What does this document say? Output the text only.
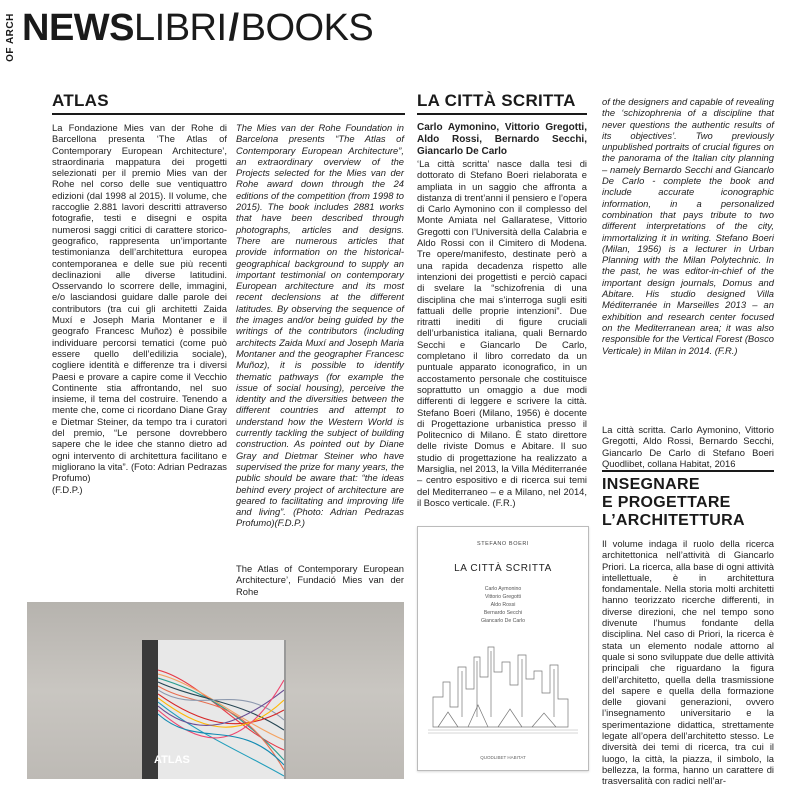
OF ARCH NEWSLIBRI/BOOKS
ATLAS

La Fondazione Mies van der Rohe di Barcellona presenta ‘The Atlas of Contemporary European Architecture’, straordinaria mappatura dei progetti selezionati per il premio Mies van der Rohe nel corso delle sue ventiquattro edizioni (dal 1998 al 2015). Il volume, che raccoglie 2.881 lavori descritti attraverso fotografie, testi e disegni e ospita numerosi saggi critici di carattere storico-geografico, rappresenta un’importante testimonianza dell’architettura europea contemporanea e delle sue più recenti declinazioni alle diverse latitudini. Osservando lo scorrere delle, immagini, e/o lasciandosi guidare dalle parole dei contributors (tra cui gli architetti Zaida Muxí e Joseph Maria Montaner e il geografo Francesc Muñoz) è possibile individuare percorsi tematici (come può essere quello dell’edilizia sociale), cogliere identità e differenze tra i diversi Paesi e provare a capire come il Vecchio Continente stia affrontando, nel suo insieme, il tema del costruire. Tenendo a mente che, come ci ricordano Diane Gray e Dietmar Steiner, da tempo tra i curatori del premio, “Le persone dovrebbero sapere che le idee che stanno dietro ad ogni intervento di architettura facilitano e migliorano la vita”. (Foto: Adrian Pedrazas Profumo)

(F.D.P.)

The Mies van der Rohe Foundation in Barcelona presents “The Atlas of Contemporary European Architecture”, an extraordinary overview of the Projects selected for the Mies van der Rohe award down through the 24 editions of the competition (from 1998 to 2015). The book includes 2881 works that have been described through photographs, articles and designs. There are numerous articles that provide information on the historical-geographical background to supply an important testimonial on contemporary European architecture and its most recent declensions at the different latitudes. By observing the sequence of the images and/or being guided by the writings of the contributors (including architects Zaida Muxí and Joseph Maria Montaner and the geographer Francesc Muñoz), it is possible to identify thematic pathways (for example the issue of social housing), perceive the identity and the diversities between the different countries and attempt to understand how the Western World is currently tackling the subject of building construction. As pointed out by Diane Gray and Dietmar Steiner who have supervised the prize for many years, the public should be aware that: “the ideas behind every project of architecture are geared to facilitating and improving life and living”. (Photo: Adrian Pedrazas Profumo)(F.D.P.)

The Atlas of Contemporary European Architecture’, Fundació Mies van der Rohe
ATLAS
LA CITTÀ SCRITTA

Carlo Aymonino, Vittorio Gregotti, Aldo Rossi, Bernardo Secchi, Giancarlo De Carlo

‘La città scritta’ nasce dalla tesi di dottorato di Stefano Boeri rielaborata e ampliata in un saggio che affronta a distanza di trent’anni il pensiero e l’opera di Carlo Aymonino con il complesso del Monte Amiata nel Gallaratese, Vittorio Gregotti con l’Università della Calabria e Aldo Rossi con il Cimitero di Modena. Tre opere/manifesto, destinate però a una rapida decadenza rispetto alle intenzioni dei progettisti e perciò capaci di svelare la “schizofrenia di una disciplina che mai s’interroga sugli esiti fattuali delle proprie intenzioni”. Due ritratti inediti di figure cruciali dell’urbanistica italiana, quali Bernardo Secchi e Giancarlo De Carlo, completano il libro corredato da un puntuale apparato iconografico, in un accostamento personale che costituisce soprattutto un omaggio a due modi differenti di leggere e scrivere la città. Stefano Boeri (Milano, 1956) è docente di Progettazione urbanistica presso il Politecnico di Milano. È stato direttore delle riviste Domus e Abitare. Il suo studio di progettazione ha realizzato a Marsiglia, nel 2013, la Villa Méditerranée – centro espositivo e di ricerca sui temi del Mediterraneo – e a Milano, nel 2014, il Bosco verticale. (F.R.)

STEFANO BOERI
LA CITTÀ SCRITTA
Carlo Aymonino
Vittorio Gregotti
Aldo Rossi
Bernardo Secchi
Giancarlo De Carlo
QUODLIBET HABITAT

of the designers and capable of revealing the ‘schizophrenia of a discipline that never questions the authentic results of its objectives’. Two previously unpublished portraits of crucial figures on the panorama of the Italian city planning – namely Bernardo Secchi and Giancarlo De Carlo - complete the book and include accurate iconographic information, in a personalized combination that pays tribute to two different interpretations of the city, immortalizing it in writing. Stefano Boeri (Milan, 1956) is a lecturer in Urban Planning with the Milan Polytechnic. In the past, he was editor-in-chief of the important design journals, Domus and Abitare. His studio designed Villa Méditerranée in Marseilles 2013 – an exhibition and research center focused on the Mediterranean area; it was also responsible for the Vertical Forest (Bosco Verticale) in Milan in 2014. (F.R.)

La città scritta. Carlo Aymonino, Vittorio Gregotti, Aldo Rossi, Bernardo Secchi, Giancarlo De Carlo di Stefano Boeri Quodlibet, collana Habitat, 2016
INSEGNARE
E PROGETTARE
L’ARCHITETTURA

Il volume indaga il ruolo della ricerca architettonica nell’attività di Giancarlo Priori. La ricerca, alla base di ogni attività intellettuale, è in architettura fondamentale. Nella storia molti architetti hanno teorizzato ricerche differenti, in diverse direzioni, che nel tempo sono divenute l’humus fondante della disciplina. Nel caso di Priori, la ricerca è stata un elemento nodale attorno al quale si sono sviluppate due delle attività principali che riguardano la figura dell’architetto, quella della trasmissione del sapere e quella della formazione delle giovani generazioni, ovvero l’insegnamento universitario e la sperimentazione didattica, strettamente legate all’opera dell’architetto stesso. Le diversità dei temi di ricerca, tra cui il luogo, la città, la piazza, il simbolo, la bellezza, la forma, hanno un carattere di trasversalità con radici nell’ar-
